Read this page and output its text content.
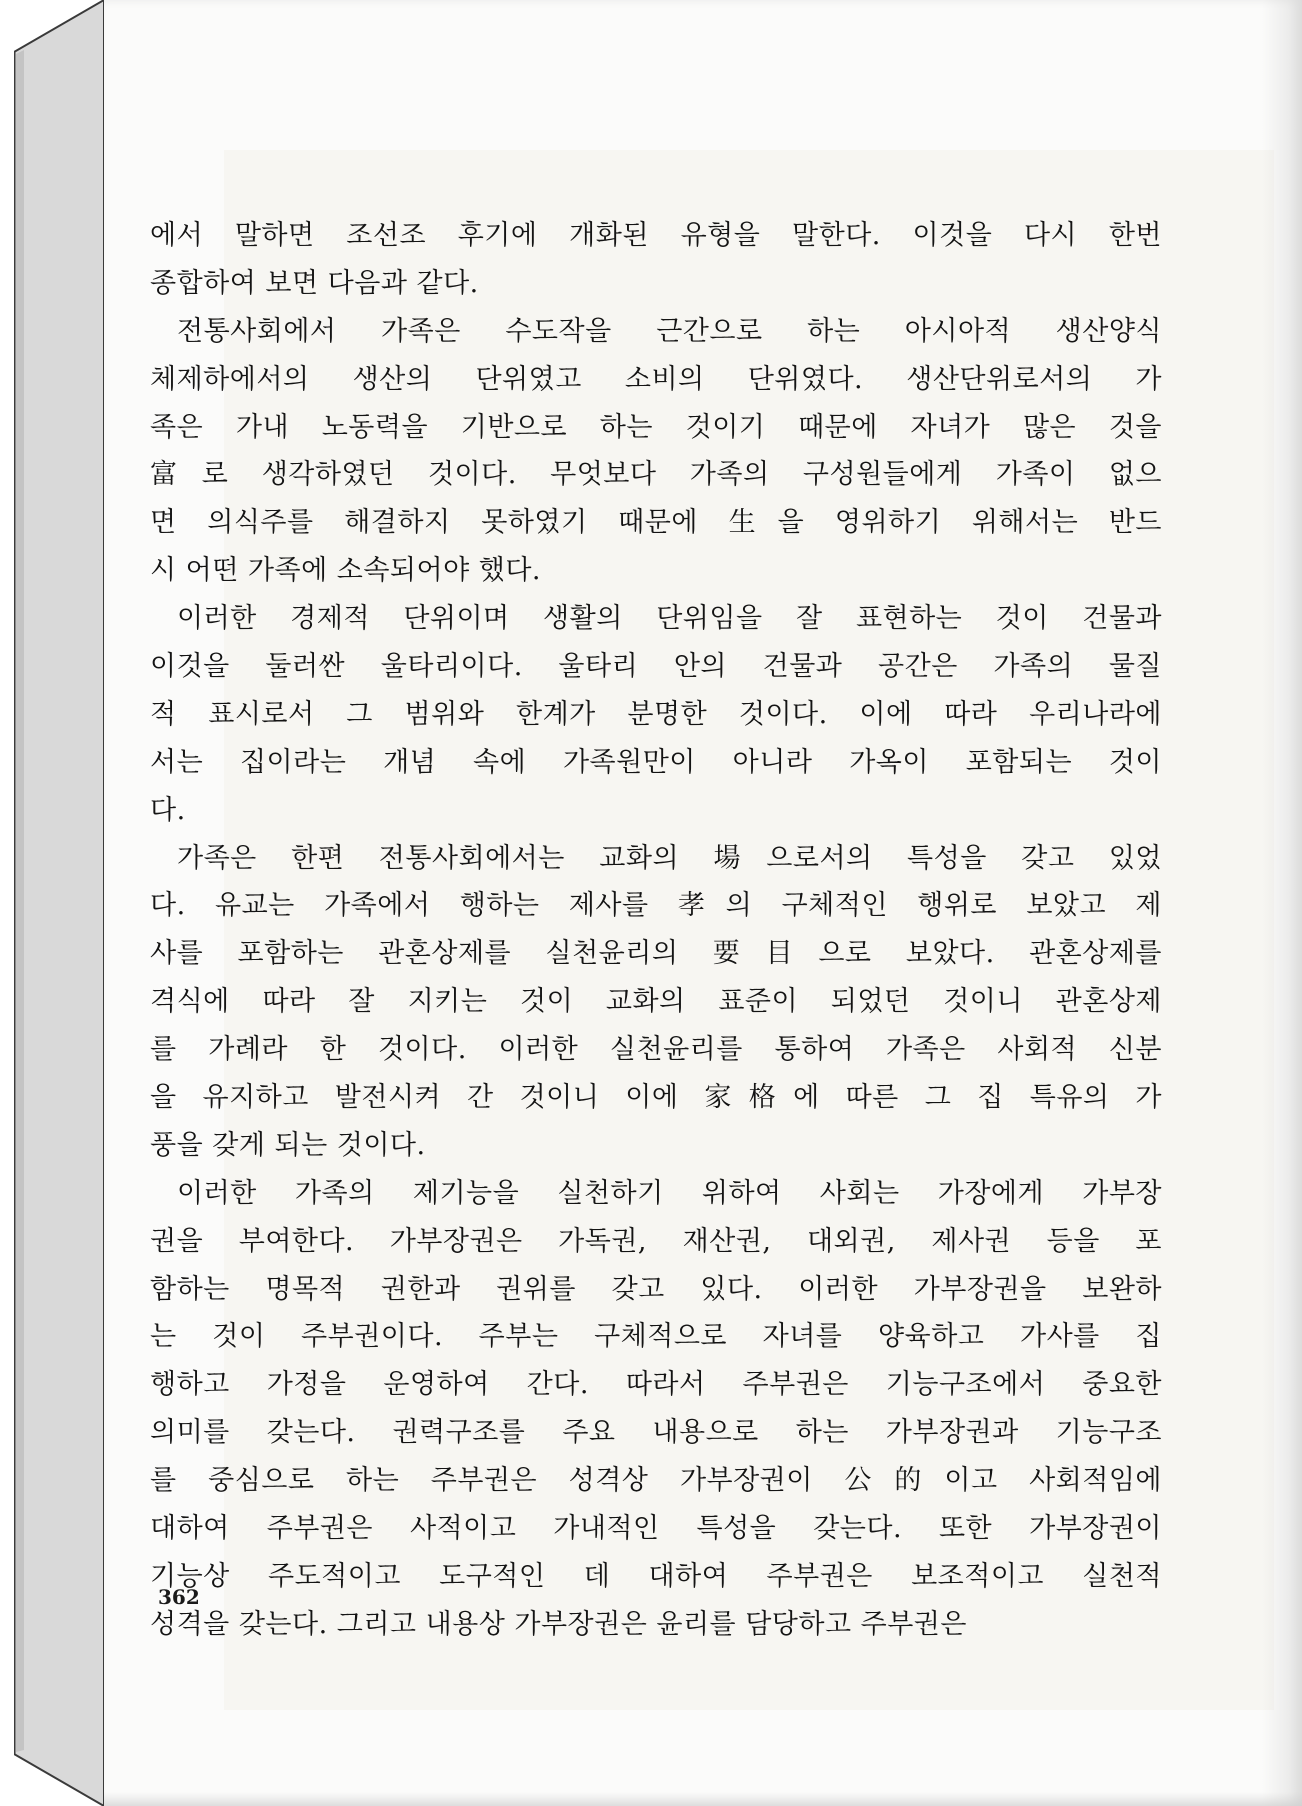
에서 말하면 조선조 후기에 개화된 유형을 말한다. 이것을 다시 한번
종합하여 보면 다음과 같다.

전통사회에서 가족은 수도작을 근간으로 하는 아시아적 생산양식
체제하에서의 생산의 단위였고 소비의 단위였다. 생산단위로서의 가
족은 가내 노동력을 기반으로 하는 것이기 때문에 자녀가 많은 것을
富로 생각하였던 것이다. 무엇보다 가족의 구성원들에게 가족이 없으
면 의식주를 해결하지 못하였기 때문에 生을 영위하기 위해서는 반드
시 어떤 가족에 소속되어야 했다.

이러한 경제적 단위이며 생활의 단위임을 잘 표현하는 것이 건물과
이것을 둘러싼 울타리이다. 울타리 안의 건물과 공간은 가족의 물질
적 표시로서 그 범위와 한계가 분명한 것이다. 이에 따라 우리나라에
서는 집이라는 개념 속에 가족원만이 아니라 가옥이 포함되는 것이
다.

가족은 한편 전통사회에서는 교화의 場으로서의 특성을 갖고 있었
다. 유교는 가족에서 행하는 제사를 孝의 구체적인 행위로 보았고 제
사를 포함하는 관혼상제를 실천윤리의 要目으로 보았다. 관혼상제를
격식에 따라 잘 지키는 것이 교화의 표준이 되었던 것이니 관혼상제
를 가례라 한 것이다. 이러한 실천윤리를 통하여 가족은 사회적 신분
을 유지하고 발전시켜 간 것이니 이에 家格에 따른 그 집 특유의 가
풍을 갖게 되는 것이다.

이러한 가족의 제기능을 실천하기 위하여 사회는 가장에게 가부장
권을 부여한다. 가부장권은 가독권, 재산권, 대외권, 제사권 등을 포
함하는 명목적 권한과 권위를 갖고 있다. 이러한 가부장권을 보완하
는 것이 주부권이다. 주부는 구체적으로 자녀를 양육하고 가사를 집
행하고 가정을 운영하여 간다. 따라서 주부권은 기능구조에서 중요한
의미를 갖는다. 권력구조를 주요 내용으로 하는 가부장권과 기능구조
를 중심으로 하는 주부권은 성격상 가부장권이 公的이고 사회적임에
대하여 주부권은 사적이고 가내적인 특성을 갖는다. 또한 가부장권이
기능상 주도적이고 도구적인 데 대하여 주부권은 보조적이고 실천적
성격을 갖는다. 그리고 내용상 가부장권은 윤리를 담당하고 주부권은

362
